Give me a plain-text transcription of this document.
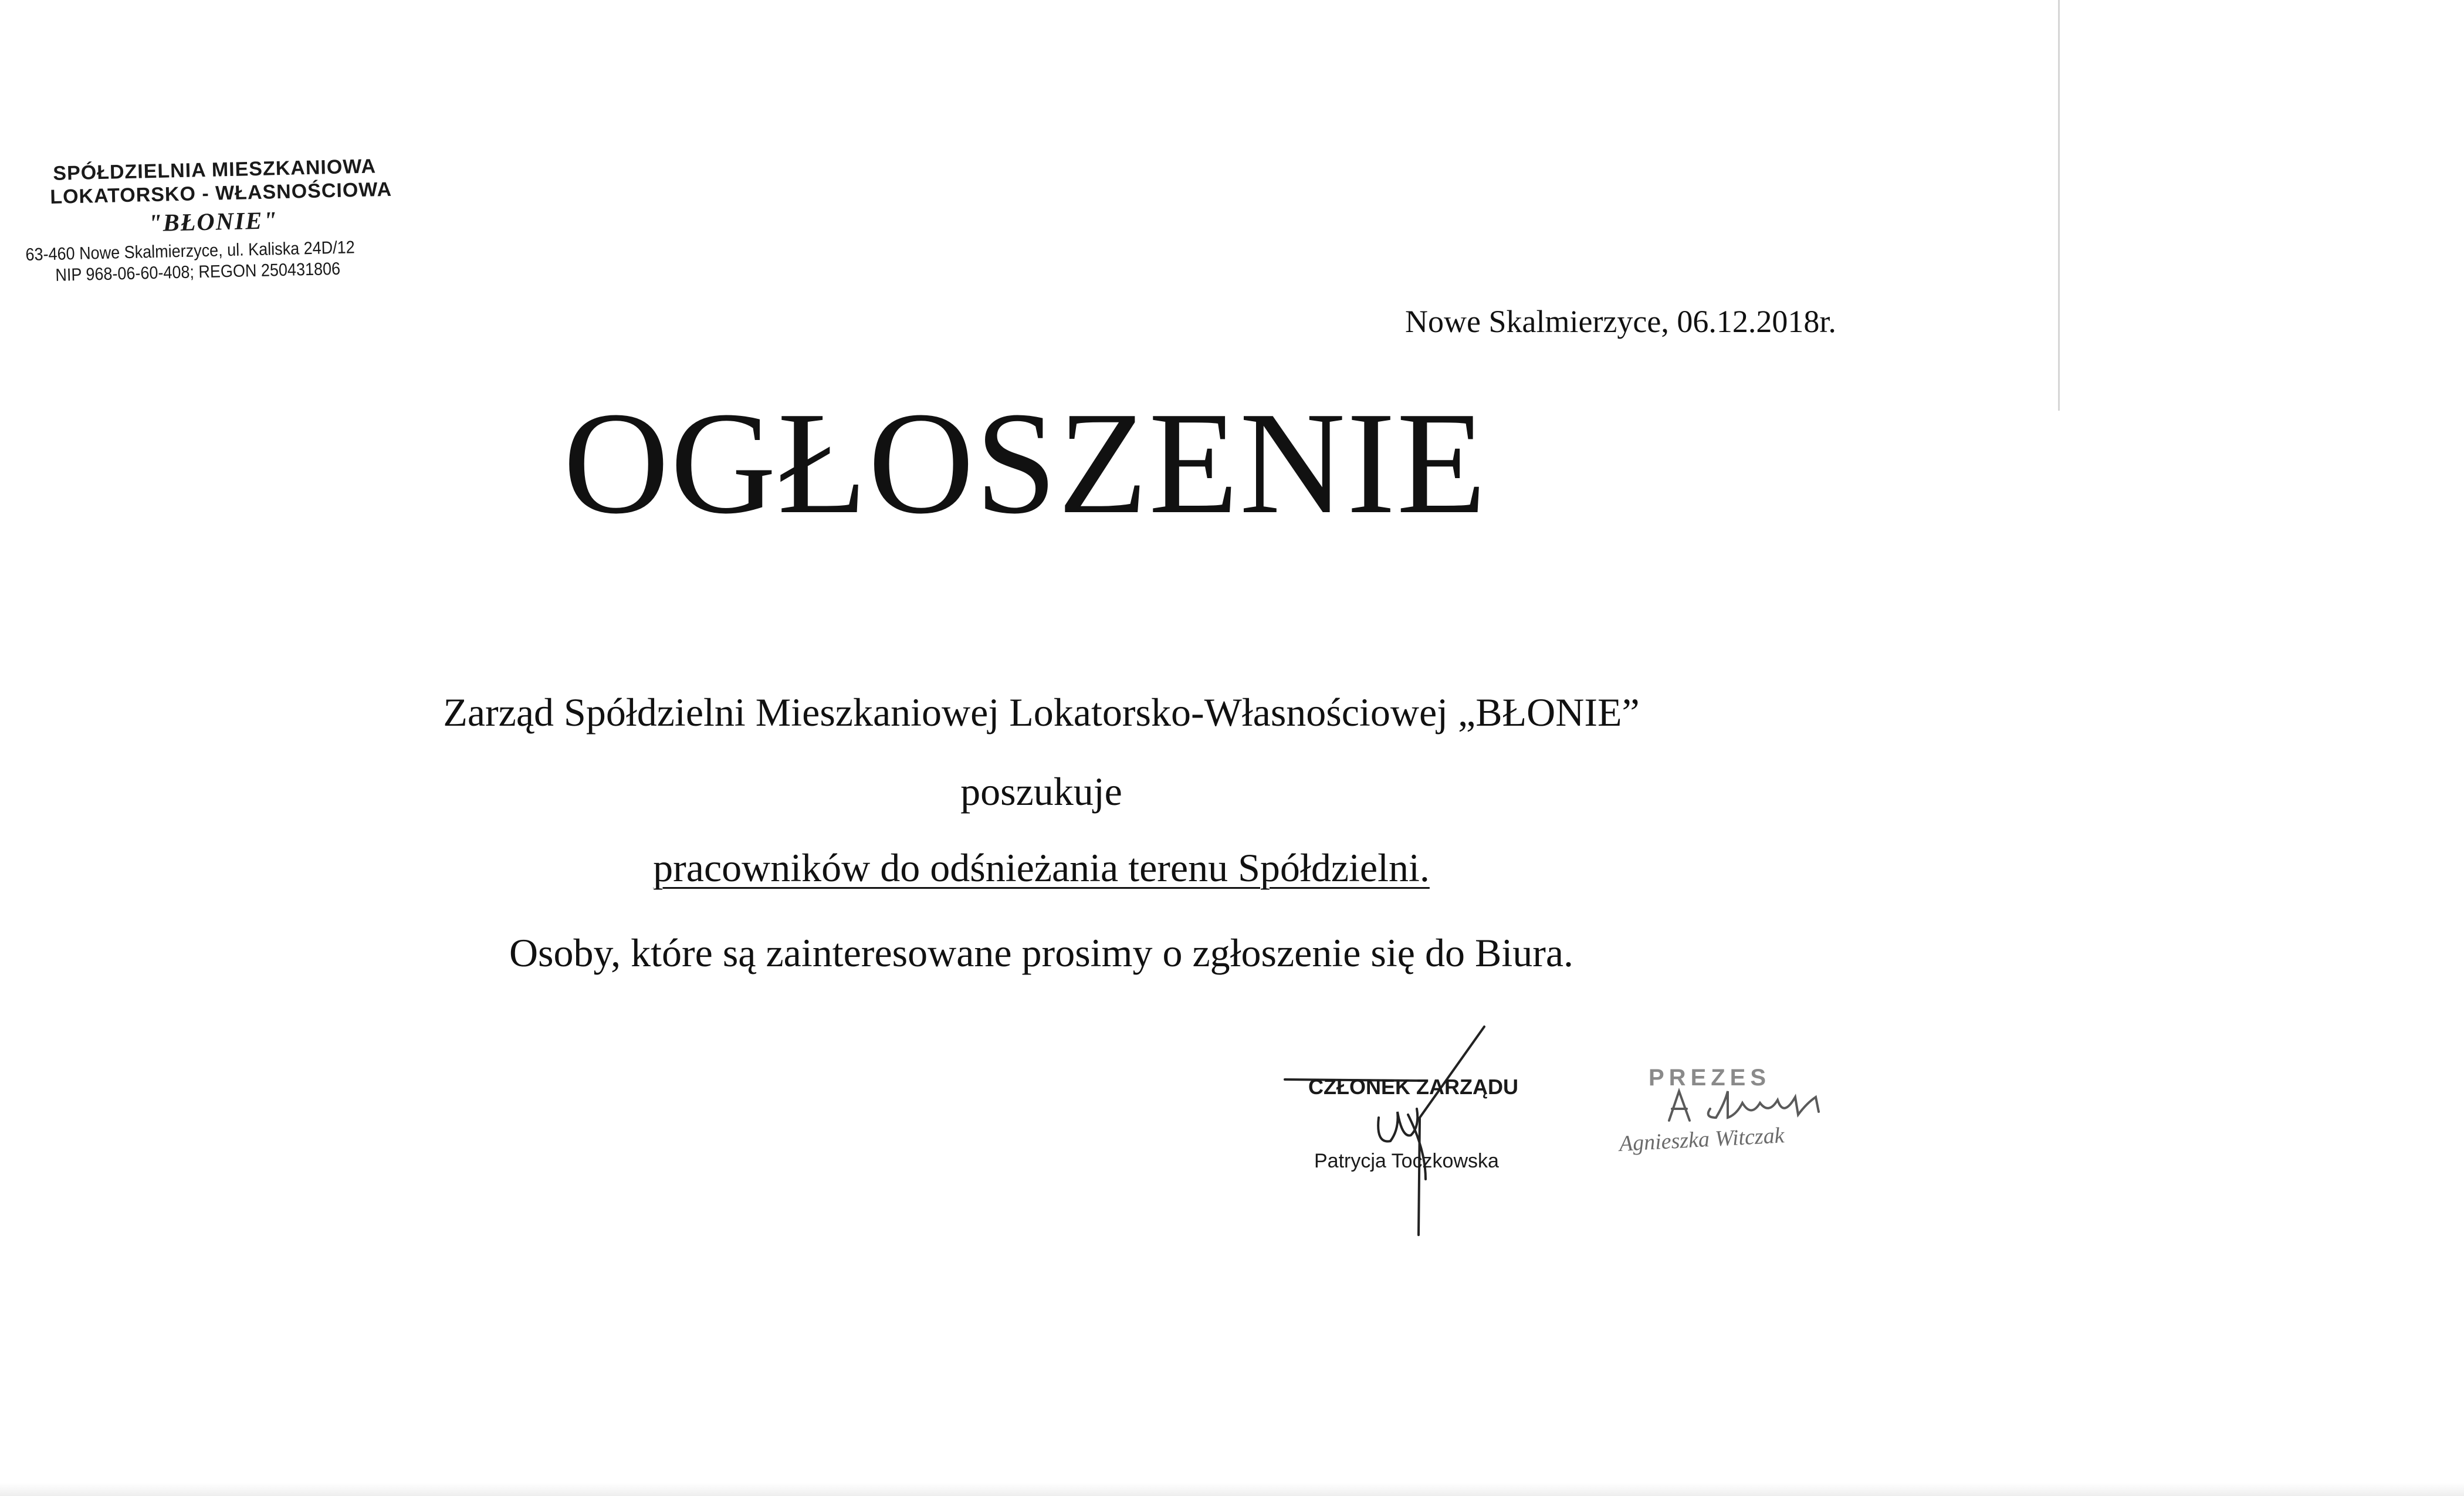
SPÓŁDZIELNIA MIESZKANIOWA
LOKATORSKO - WŁASNOŚCIOWA
"BŁONIE"
63-460 Nowe Skalmierzyce, ul. Kaliska 24D/12
NIP 968-06-60-408; REGON 250431806
Nowe Skalmierzyce, 06.12.2018r.
OGŁOSZENIE
Zarząd Spółdzielni Mieszkaniowej Lokatorsko-Własnościowej „BŁONIE”
poszukuje
pracowników do odśnieżania terenu Spółdzielni.
Osoby, które są zainteresowane prosimy o zgłoszenie się do Biura.
CZŁONEK ZARZĄDU
Patrycja Toczkowska
PREZES
Agnieszka Witczak
